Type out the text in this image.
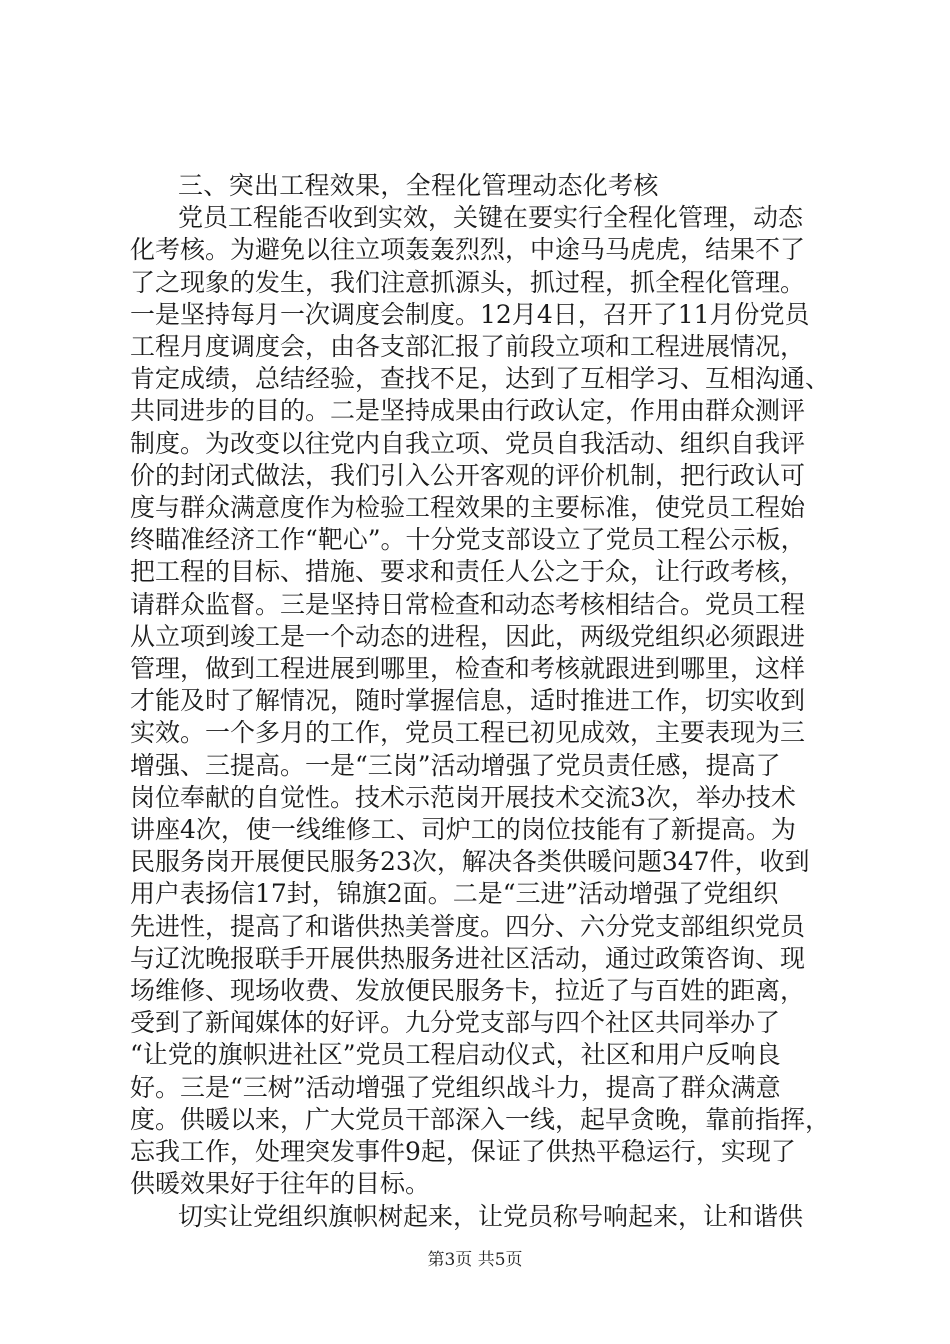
三、突出工程效果，全程化管理动态化考核
党员工程能否收到实效，关键在要实行全程化管理，动态
化考核。为避免以往立项轰轰烈烈，中途马马虎虎，结果不了
了之现象的发生，我们注意抓源头，抓过程，抓全程化管理。
一是坚持每月一次调度会制度。12月4日，召开了11月份党员
工程月度调度会，由各支部汇报了前段立项和工程进展情况，
肯定成绩，总结经验，查找不足，达到了互相学习、互相沟通、
共同进步的目的。二是坚持成果由行政认定，作用由群众测评
制度。为改变以往党内自我立项、党员自我活动、组织自我评
价的封闭式做法，我们引入公开客观的评价机制，把行政认可
度与群众满意度作为检验工程效果的主要标准，使党员工程始
终瞄准经济工作“靶心”。十分党支部设立了党员工程公示板，
把工程的目标、措施、要求和责任人公之于众，让行政考核，
请群众监督。三是坚持日常检查和动态考核相结合。党员工程
从立项到竣工是一个动态的进程，因此，两级党组织必须跟进
管理，做到工程进展到哪里，检查和考核就跟进到哪里，这样
才能及时了解情况，随时掌握信息，适时推进工作，切实收到
实效。一个多月的工作，党员工程已初见成效，主要表现为三
增强、三提高。一是“三岗”活动增强了党员责任感，提高了
岗位奉献的自觉性。技术示范岗开展技术交流3次，举办技术
讲座4次，使一线维修工、司炉工的岗位技能有了新提高。为
民服务岗开展便民服务23次，解决各类供暖问题347件，收到
用户表扬信17封，锦旗2面。二是“三进”活动增强了党组织
先进性，提高了和谐供热美誉度。四分、六分党支部组织党员
与辽沈晚报联手开展供热服务进社区活动，通过政策咨询、现
场维修、现场收费、发放便民服务卡，拉近了与百姓的距离，
受到了新闻媒体的好评。九分党支部与四个社区共同举办了
“让党的旗帜进社区”党员工程启动仪式，社区和用户反响良
好。三是“三树”活动增强了党组织战斗力，提高了群众满意
度。供暖以来，广大党员干部深入一线，起早贪晚，靠前指挥，
忘我工作，处理突发事件9起，保证了供热平稳运行，实现了
供暖效果好于往年的目标。
切实让党组织旗帜树起来，让党员称号响起来，让和谐供
第3页 共5页
